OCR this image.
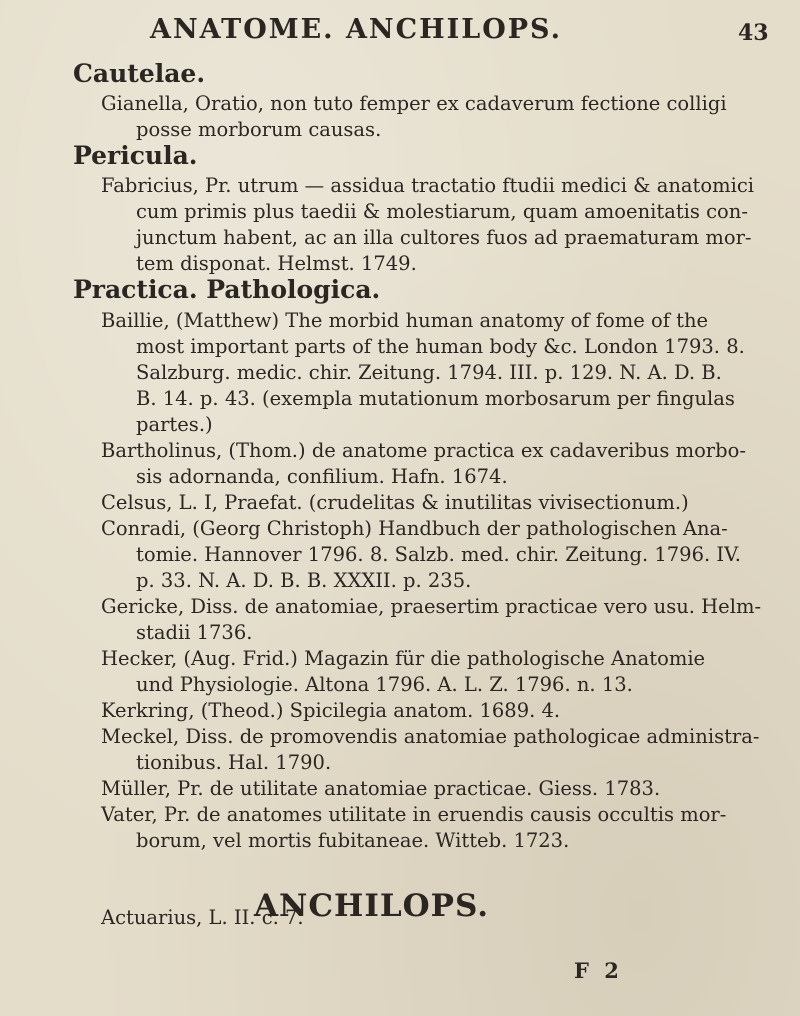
ANATOME. ANCHILOPS.	43
Cautelae.
Gianella, Oratio, non tuto femper ex cadaverum fectione colligi
posse morborum causas.
Pericula.
Fabricius, Pr. utrum — assidua tractatio ftudii medici & anatomici
cum primis plus taedii & molestiarum, quam amoenitatis con-
junctum habent, ac an illa cultores fuos ad praematuram mor-
tem disponat. Helmst. 1749.
Practica. Pathologica.
Baillie, (Matthew) The morbid human anatomy of fome of the
most important parts of the human body &c. London 1793. 8.
Salzburg. medic. chir. Zeitung. 1794. III. p. 129. N. A. D. B.
B. 14. p. 43. (exempla mutationum morbosarum per fingulas
partes.)
Bartholinus, (Thom.) de anatome practica ex cadaveribus morbo-
sis adornanda, confilium. Hafn. 1674.
Celsus, L. I, Praefat. (crudelitas & inutilitas vivisectionum.)
Conradi, (Georg Christoph) Handbuch der pathologischen Ana-
tomie. Hannover 1796. 8. Salzb. med. chir. Zeitung. 1796. IV.
p. 33. N. A. D. B. B. XXXII. p. 235.
Gericke, Diss. de anatomiae, praesertim practicae vero usu. Helm-
stadii 1736.
Hecker, (Aug. Frid.) Magazin für die pathologische Anatomie
und Physiologie. Altona 1796. A. L. Z. 1796. n. 13.
Kerkring, (Theod.) Spicilegia anatom. 1689. 4.
Meckel, Diss. de promovendis anatomiae pathologicae administra-
tionibus. Hal. 1790.
Müller, Pr. de utilitate anatomiae practicae. Giess. 1783.
Vater, Pr. de anatomes utilitate in eruendis causis occultis mor-
borum, vel mortis fubitaneae. Witteb. 1723.
Actuarius, L. II. c. 7.
ANCHILOPS.
F 2
